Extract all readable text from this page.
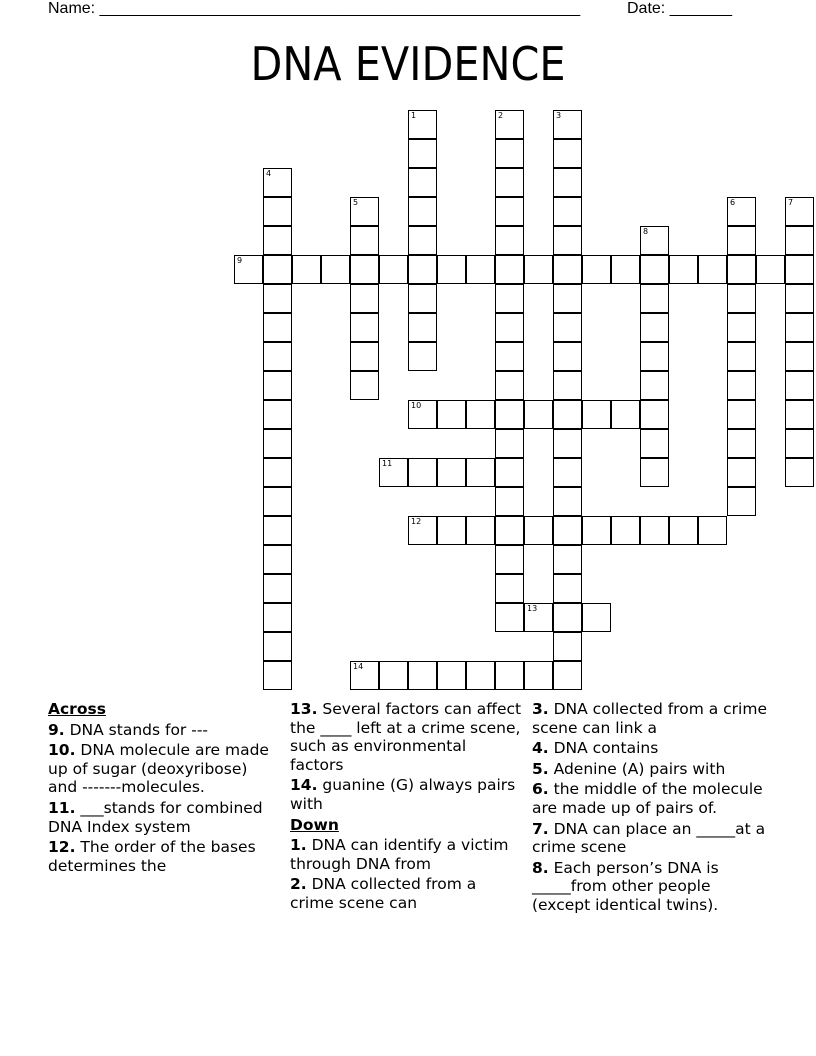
Name: ______________________________________________________	Date: _______
DNA EVIDENCE
1	2	3
4
5	6	7
8
9
10
11
12
13
14
Across
9. DNA stands for ---
10. DNA molecule are made up of sugar (deoxyribose) and -------molecules.
11. ___stands for combined DNA Index system
12. The order of the bases determines the
13. Several factors can affect the ____ left at a crime scene, such as environmental factors
14. guanine (G) always pairs with
Down
1. DNA can identify a victim through DNA from
2. DNA collected from a crime scene can
3. DNA collected from a crime scene can link a
4. DNA contains
5. Adenine (A) pairs with
6. the middle of the molecule are made up of pairs of.
7. DNA can place an _____at a crime scene
8. Each person’s DNA is _____from other people (except identical twins).
